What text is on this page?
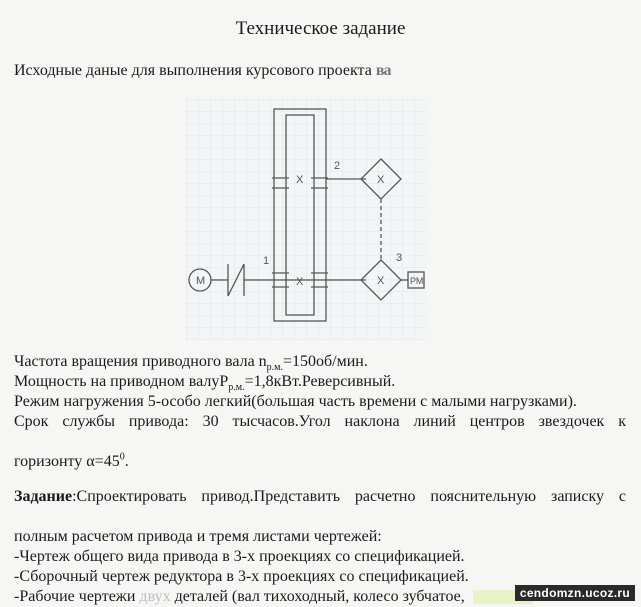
Техническое задание
Исходные даные для выполнения курсового проекта ва
X
X
M
X
X	РМ
1
2
3

Частота вращения приводного вала $n_{р.м.}=150об$/мин.

Мощность на приводном валуР$_{р.м.}$=1,8кВт.Реверсивный.

Режим нагружения 5-особо легкий(большая часть времени с малыми нагрузками).

Срок службы привода: 30 тысчасов.Угол наклона линий центров звездочек к

горизонту $\alpha=45^0$.

Задание:Спроектировать привод.Представить расчетно пояснительную записку с

полным расчетом привода и тремя листами чертежей:

-Чертеж общего вида привода в 3-х проекциях со спецификацией.

-Сборочный чертеж редуктора в 3-х проекциях со спецификацией.

-Рабочие чертежи двух деталей (вал тихоходный, колесо зубчатое,	cendomzn.ucoz.ru
